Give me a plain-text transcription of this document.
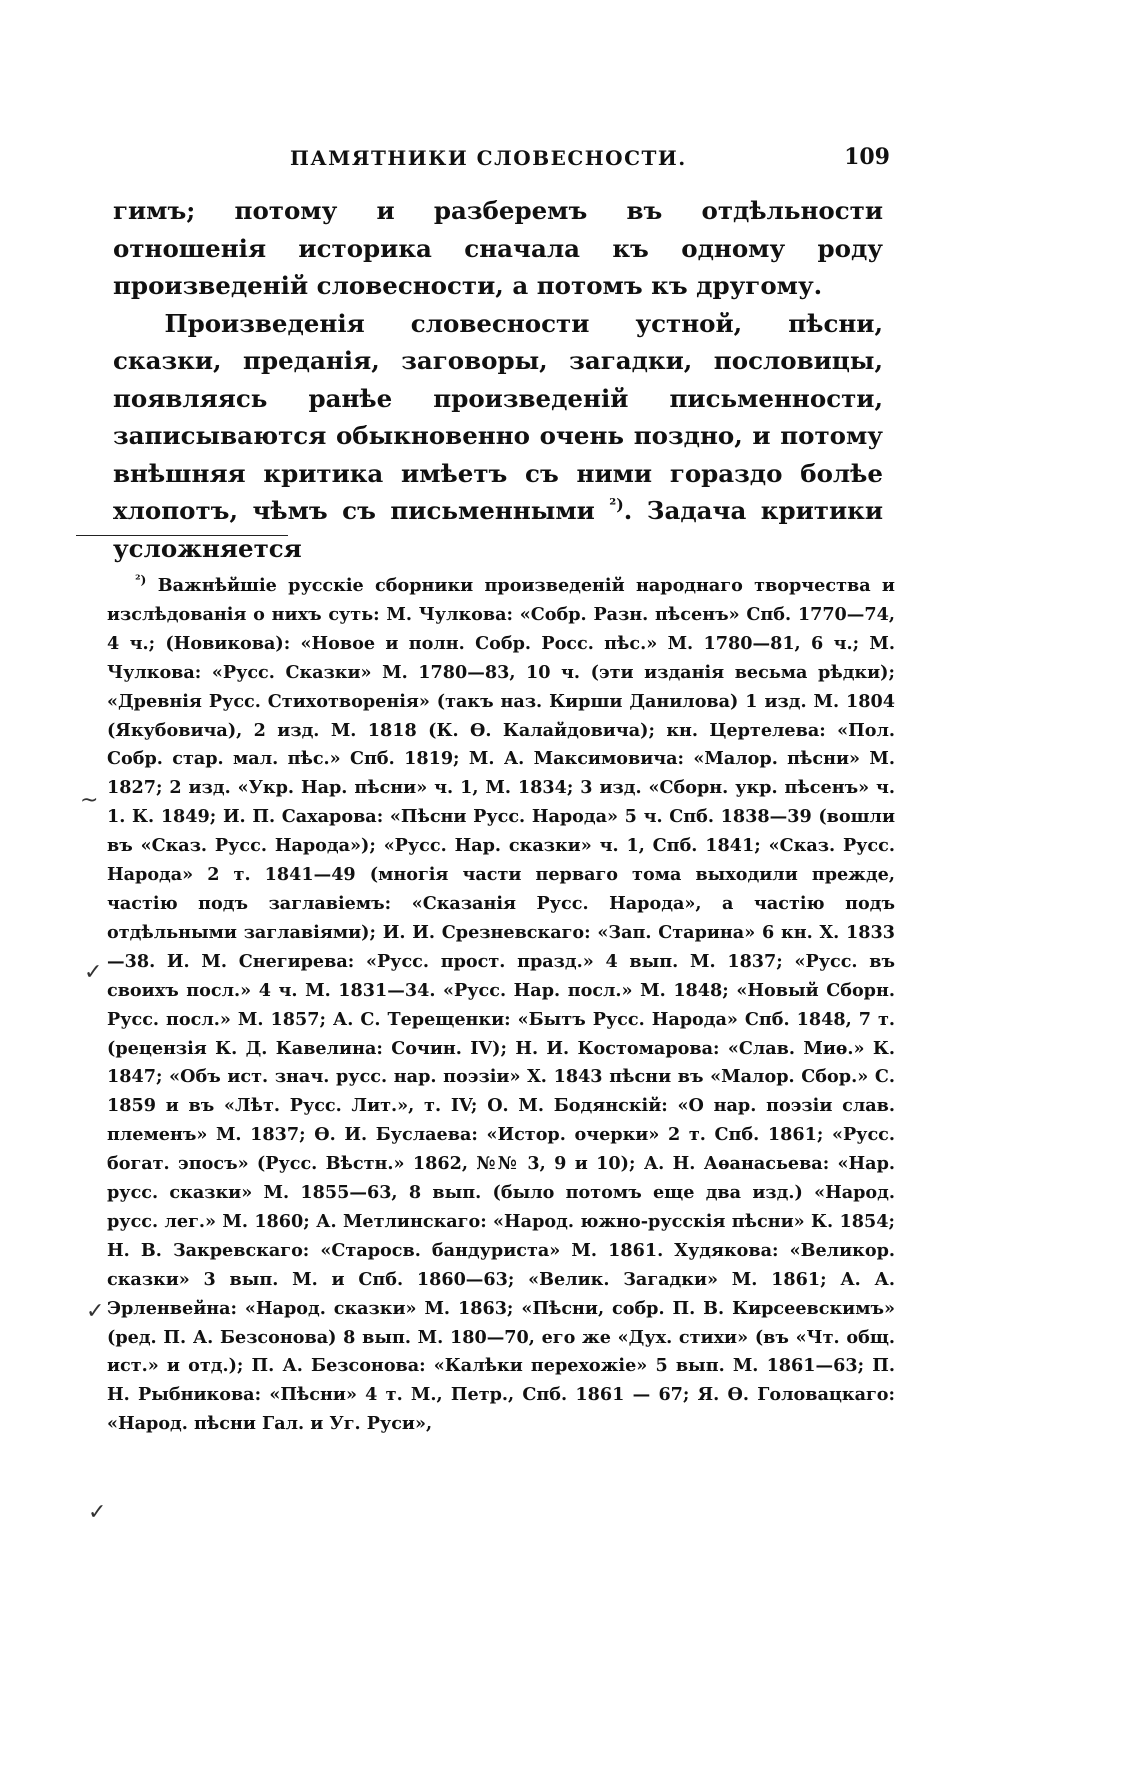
ПАМЯТНИКИ СЛОВЕСНОСТИ.	109

гимъ; потому и разберемъ въ отдѣльности отношенія историка сначала къ одному роду произведеній словесности, а потомъ къ другому.

Произведенія словесности устной, пѣсни, сказки, преданія, заговоры, загадки, пословицы, появляясь ранѣе произведеній письменности, записываются обыкновенно очень поздно, и потому внѣшняя критика имѣетъ съ ними гораздо болѣе хлопотъ, чѣмъ съ письменными $^{^2)}$. Задача критики усложняется

$^{^2)}$ Важнѣйшіе русскіе сборники произведеній народнаго творчества и изслѣдованія о нихъ суть: М. Чулкова: «Собр. Разн. пѣсенъ» Спб. 1770—74, 4 ч.; (Новикова): «Новое и полн. Собр. Росс. пѣс.» М. 1780—81, 6 ч.; М. Чулкова: «Русс. Сказки» М. 1780—83, 10 ч. (эти изданія весьма рѣдки); «Древнія Русс. Стихотворенія» (такъ наз. Кирши Данилова) 1 изд. М. 1804 (Якубовича), 2 изд. М. 1818 (К. Ѳ. Калайдовича); кн. Цертелева: «Пол. Собр. стар. мал. пѣс.» Спб. 1819; М. А. Максимовича: «Малор. пѣсни» М. 1827; 2 изд. «Укр. Нар. пѣсни» ч. 1, М. 1834; 3 изд. «Сборн. укр. пѣсенъ» ч. 1. К. 1849; И. П. Сахарова: «Пѣсни Русс. Народа» 5 ч. Спб. 1838—39 (вошли въ «Сказ. Русс. Народа»); «Русс. Нар. сказки» ч. 1, Спб. 1841; «Сказ. Русс. Народа» 2 т. 1841—49 (многія части перваго тома выходили прежде, частію подъ заглавіемъ: «Сказанія Русс. Народа», а частію подъ отдѣльными заглавіями); И. И. Срезневскаго: «Зап. Старина» 6 кн. Х. 1833—38. И. М. Снегирева: «Русс. прост. празд.» 4 вып. М. 1837; «Русс. въ своихъ посл.» 4 ч. М. 1831—34. «Русс. Нар. посл.» М. 1848; «Новый Сборн. Русс. посл.» М. 1857; А. С. Терещенки: «Бытъ Русс. Народа» Спб. 1848, 7 т. (рецензія К. Д. Кавелина: Сочин. IV); Н. И. Костомарова: «Слав. Миѳ.» К. 1847; «Объ ист. знач. русс. нар. поэзіи» Х. 1843 пѣсни въ «Малор. Сбор.» С. 1859 и въ «Лѣт. Русс. Лит.», т. IV; О. М. Бодянскій: «О нар. поэзіи слав. племенъ» М. 1837; Ѳ. И. Буслаева: «Истор. очерки» 2 т. Спб. 1861; «Русс. богат. эпосъ» (Русс. Вѣстн.» 1862, №№ 3, 9 и 10); А. Н. Аѳанасьева: «Нар. русс. сказки» М. 1855—63, 8 вып. (было потомъ еще два изд.) «Народ. русс. лег.» М. 1860; А. Метлинскаго: «Народ. южно-русскія пѣсни» К. 1854; Н. В. Закревскаго: «Старосв. бандуриста» М. 1861. Худякова: «Великор. сказки» 3 вып. М. и Спб. 1860—63; «Велик. Загадки» М. 1861; А. А. Эрленвейна: «Народ. сказки» М. 1863; «Пѣсни, собр. П. В. Кирсеевскимъ» (ред. П. А. Безсонова) 8 вып. М. 180—70, его же «Дух. стихи» (въ «Чт. общ. ист.» и отд.); П. А. Безсонова: «Калѣки перехожіе» 5 вып. М. 1861—63; П. Н. Рыбникова: «Пѣсни» 4 т. М., Петр., Спб. 1861 — 67; Я. Ѳ. Головацкаго: «Народ. пѣсни Гал. и Уг. Руси»,

~
✓
✓
✓
